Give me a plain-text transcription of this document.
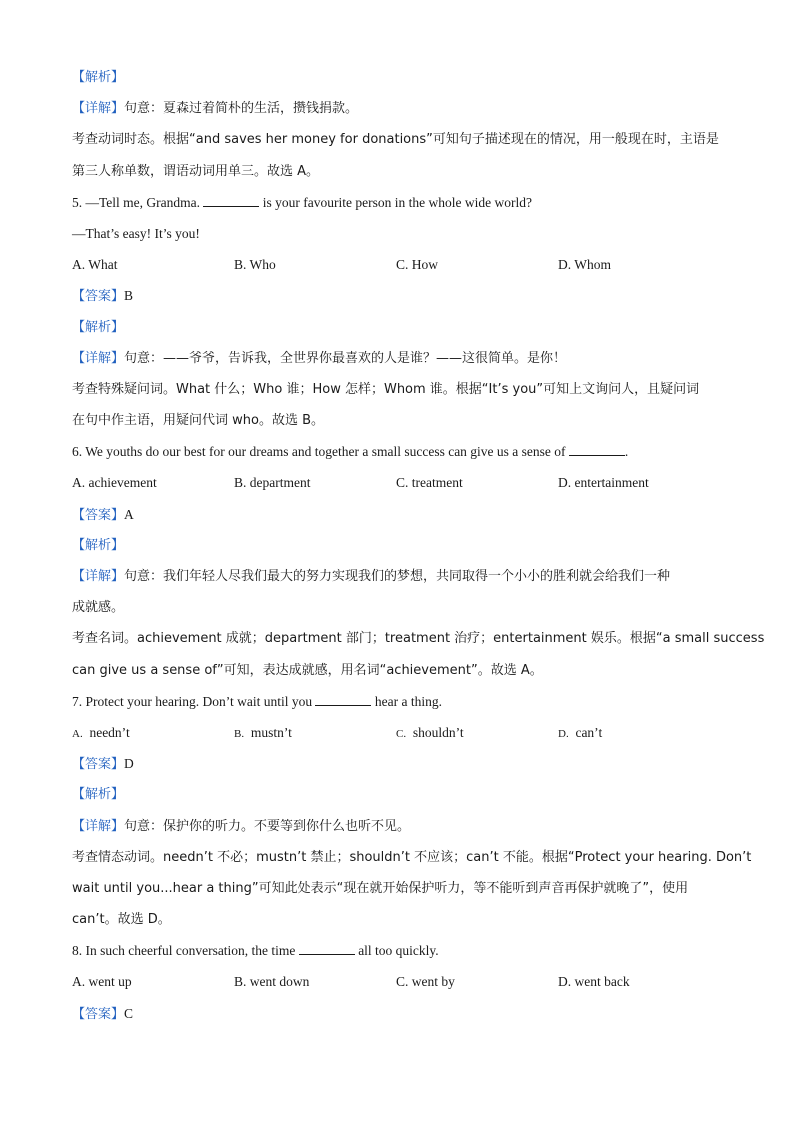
【解析】
【详解】句意：夏森过着简朴的生活，攒钱捐款。
考查动词时态。根据“and saves her money for donations”可知句子描述现在的情况，用一般现在时，主语是
第三人称单数，谓语动词用单三。故选 A。
5. —Tell me, Grandma.	is your favourite person in the whole wide world?
—That’s easy! It’s you!
A. What	B. Who	C. How	D. Whom
【答案】B
【解析】
【详解】句意：——爷爷，告诉我，全世界你最喜欢的人是谁？——这很简单。是你！
考查特殊疑问词。What 什么；Who 谁；How 怎样；Whom 谁。根据“It’s you”可知上文询问人，且疑问词
在句中作主语，用疑问代词 who。故选 B。
6. We youths do our best for our dreams and together a small success can give us a sense of	.
A. achievement	B. department	C. treatment	D. entertainment
【答案】A
【解析】
【详解】句意：我们年轻人尽我们最大的努力实现我们的梦想，共同取得一个小小的胜利就会给我们一种
成就感。
考查名词。achievement 成就；department 部门；treatment 治疗；entertainment 娱乐。根据“a small success
can give us a sense of”可知，表达成就感，用名词“achievement”。故选 A。
7. Protect your hearing. Don’t wait until you	hear a thing.
A. needn’t	B. mustn’t	C. shouldn’t	D. can’t
【答案】D
【解析】
【详解】句意：保护你的听力。不要等到你什么也听不见。
考查情态动词。needn’t 不必；mustn’t 禁止；shouldn’t 不应该；can’t 不能。根据“Protect your hearing. Don’t
wait until you...hear a thing”可知此处表示“现在就开始保护听力，等不能听到声音再保护就晚了”，使用
can’t。故选 D。
8. In such cheerful conversation, the time	all too quickly.
A. went up	B. went down	C. went by	D. went back
【答案】C
